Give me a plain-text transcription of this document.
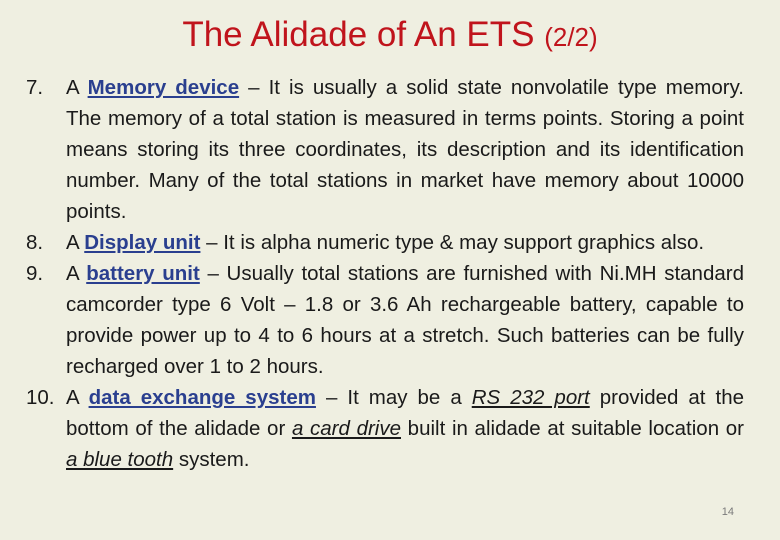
The Alidade of An ETS (2/2)
7. A Memory device – It is usually a solid state nonvolatile type memory. The memory of a total station is measured in terms points. Storing a point means storing its three coordinates, its description and its identification number. Many of the total stations in market have memory about 10000 points.
8. A Display unit – It is alpha numeric type & may support graphics also.
9. A battery unit – Usually total stations are furnished with Ni.MH standard camcorder type 6 Volt – 1.8 or 3.6 Ah rechargeable battery, capable to provide power up to 4 to 6 hours at a stretch. Such batteries can be fully recharged over 1 to 2 hours.
10. A data exchange system – It may be a RS 232 port provided at the bottom of the alidade or a card drive built in alidade at suitable location or a blue tooth system.
14
